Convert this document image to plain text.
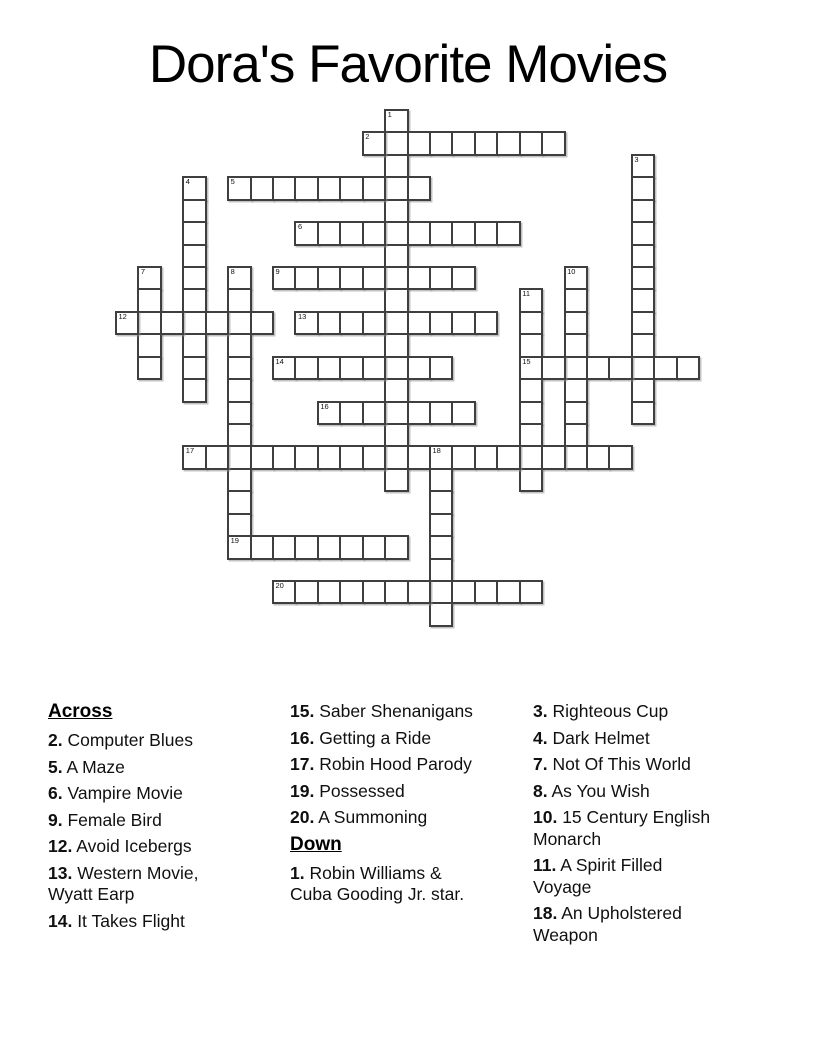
Dora's Favorite Movies
1
2
3
4	5
6
7	8
19
9	10
11
15
12	13
14
16
17	18
20
Across

2. Computer Blues

5. A Maze

6. Vampire Movie

9. Female Bird

12. Avoid Icebergs

13. Western Movie, Wyatt Earp

14. It Takes Flight

15. Saber Shenanigans

16. Getting a Ride

17. Robin Hood Parody

19. Possessed

20. A Summoning

Down

1. Robin Williams & Cuba Gooding Jr. star.

3. Righteous Cup

4. Dark Helmet

7. Not Of This World

8. As You Wish

10. 15 Century English Monarch

11. A Spirit Filled Voyage

18. An Upholstered Weapon
